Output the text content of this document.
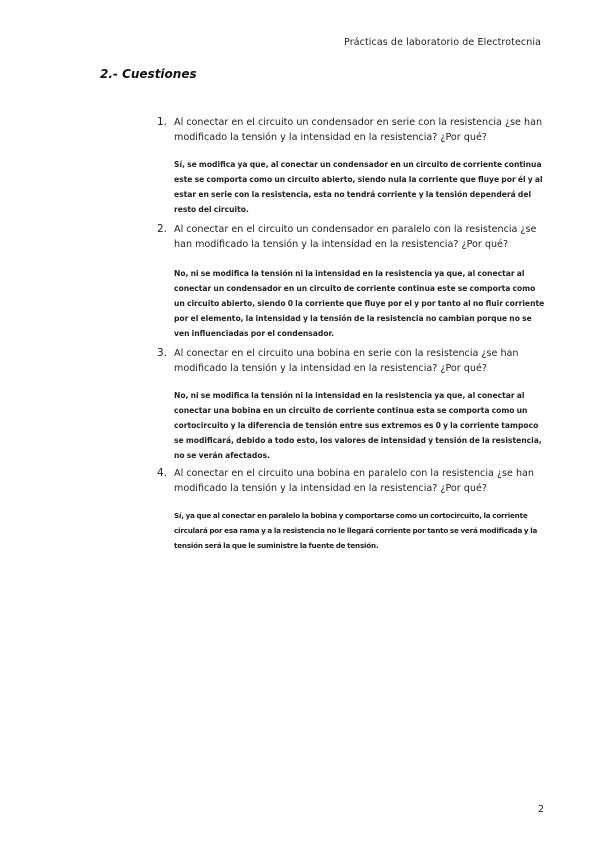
Prácticas de laboratorio de Electrotecnia
2.- Cuestiones
1. Al conectar en el circuito un condensador en serie con la resistencia ¿se han modificado la tensión y la intensidad en la resistencia? ¿Por qué?
Sí, se modifica ya que, al conectar un condensador en un circuito de corriente continua este se comporta como un circuito abierto, siendo nula la corriente que fluye por él y al estar en serie con la resistencia, esta no tendrá corriente y la tensión dependerá del resto del circuito.
2. Al conectar en el circuito un condensador en paralelo con la resistencia ¿se han modificado la tensión y la intensidad en la resistencia? ¿Por qué?
No, ni se modifica la tensión ni la intensidad en la resistencia ya que, al conectar al conectar un condensador en un circuito de corriente continua este se comporta como un circuito abierto, siendo 0 la corriente que fluye por el y por tanto al no fluir corriente por el elemento, la intensidad y la tensión de la resistencia no cambian porque no se ven influenciadas por el condensador.
3. Al conectar en el circuito una bobina en serie con la resistencia ¿se han modificado la tensión y la intensidad en la resistencia? ¿Por qué?
No, ni se modifica la tensión ni la intensidad en la resistencia ya que, al conectar al conectar una bobina en un circuito de corriente continua esta se comporta como un cortocircuito y la diferencia de tensión entre sus extremos es 0 y la corriente tampoco se modificará, debido a todo esto, los valores de intensidad y tensión de la resistencia, no se verán afectados.
4. Al conectar en el circuito una bobina en paralelo con la resistencia ¿se han modificado la tensión y la intensidad en la resistencia? ¿Por qué?
Sí, ya que al conectar en paralelo la bobina y comportarse como un cortocircuito, la corriente circulará por esa rama y a la resistencia no le llegará corriente por tanto se verá modificada y la tensión será la que le suministre la fuente de tensión.
2
